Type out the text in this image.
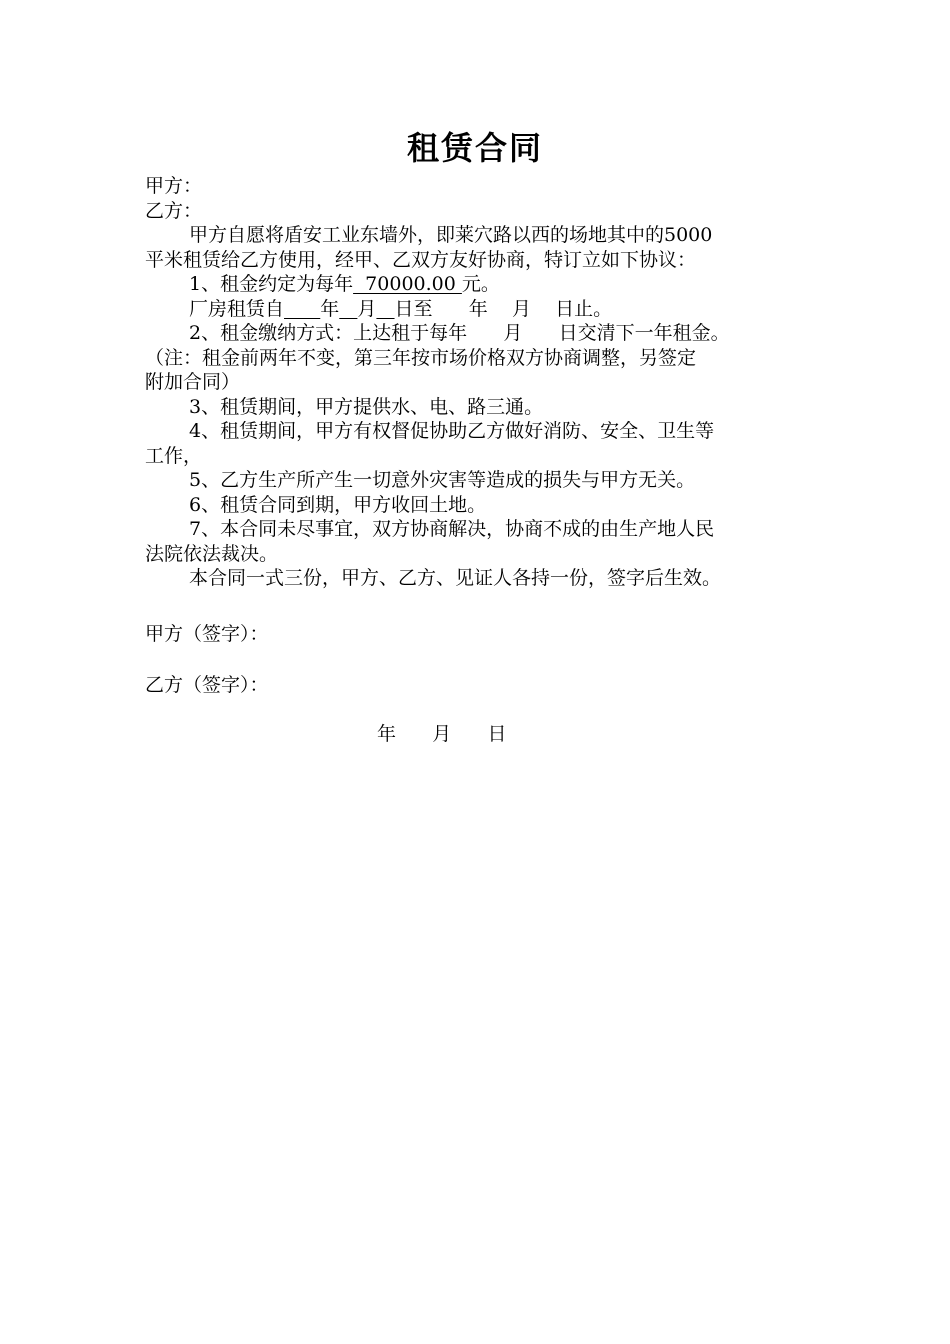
租赁合同
甲方：
乙方：
甲方自愿将盾安工业东墙外，即莱穴路以西的场地其中的5000
平米租赁给乙方使用，经甲、乙双方友好协商，特订立如下协议：
1、租金约定为每年  70000.00 元。
厂房租赁自 年 月 日至      年    月    日止。
2、租金缴纳方式：上达租于每年      月      日交清下一年租金。
（注：租金前两年不变，第三年按市场价格双方协商调整，另签定
附加合同）
3、租赁期间，甲方提供水、电、路三通。
4、租赁期间，甲方有权督促协助乙方做好消防、安全、卫生等
工作，
5、乙方生产所产生一切意外灾害等造成的损失与甲方无关。
6、租赁合同到期，甲方收回土地。
7、本合同未尽事宜，双方协商解决，协商不成的由生产地人民
法院依法裁决。
本合同一式三份，甲方、乙方、见证人各持一份，签字后生效。
甲方（签字）：
乙方（签字）：
年      月      日
